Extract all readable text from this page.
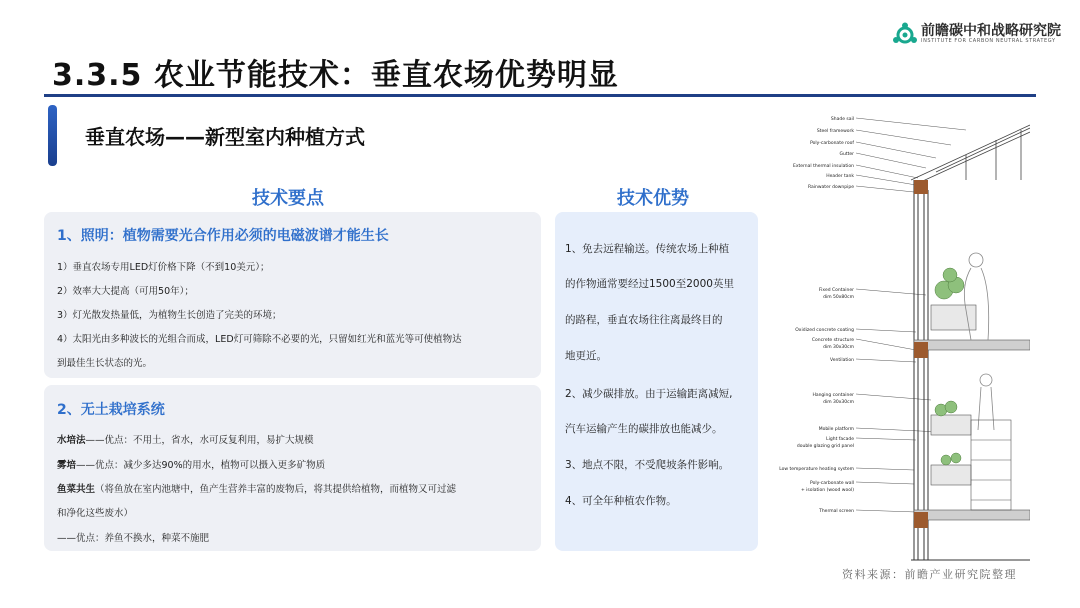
3.3.5 农业节能技术：垂直农场优势明显
前瞻碳中和战略研究院
INSTITUTE FOR CARBON NEUTRAL STRATEGY
垂直农场——新型室内种植方式
技术要点	技术优势
1、照明：植物需要光合作用必须的电磁波谱才能生长
1）垂直农场专用LED灯价格下降（不到10美元）；
2）效率大大提高（可用50年）；
3）灯光散发热量低，为植物生长创造了完美的环境；
4）太阳光由多种波长的光组合而成，LED灯可筛除不必要的光，只留如红光和蓝光等可使植物达
到最佳生长状态的光。
2、无土栽培系统
水培法——优点：不用土，省水，水可反复利用，易扩大规模
雾培——优点：减少多达90%的用水，植物可以摄入更多矿物质
鱼菜共生（将鱼放在室内池塘中，鱼产生营养丰富的废物后，将其提供给植物，而植物又可过滤
和净化这些废水）
——优点：养鱼不换水，种菜不施肥
1、免去远程输送。传统农场上种植
的作物通常要经过1500至2000英里
的路程，垂直农场往往离最终目的
地更近。
2、减少碳排放。由于运输距离减短,
汽车运输产生的碳排放也能减少。
3、地点不限，不受爬坡条件影响。
4、可全年种植农作物。
Shade sail
Steel framework
Poly-carbonate roof
Gutter
External thermal insulation
Header tank
Rainwater downpipe
Fixed Container
dim 50x80cm
Oxidized concrete coating
Concrete structure
dim 30x30cm
Ventilation
Hanging container
dim 30x30cm
Mobile platform
Light facade
double glazing grid panel
Low temperature heating system
Poly-carbonate wall
+ isolation (wood wool)
Thermal screen
资料来源：前瞻产业研究院整理
